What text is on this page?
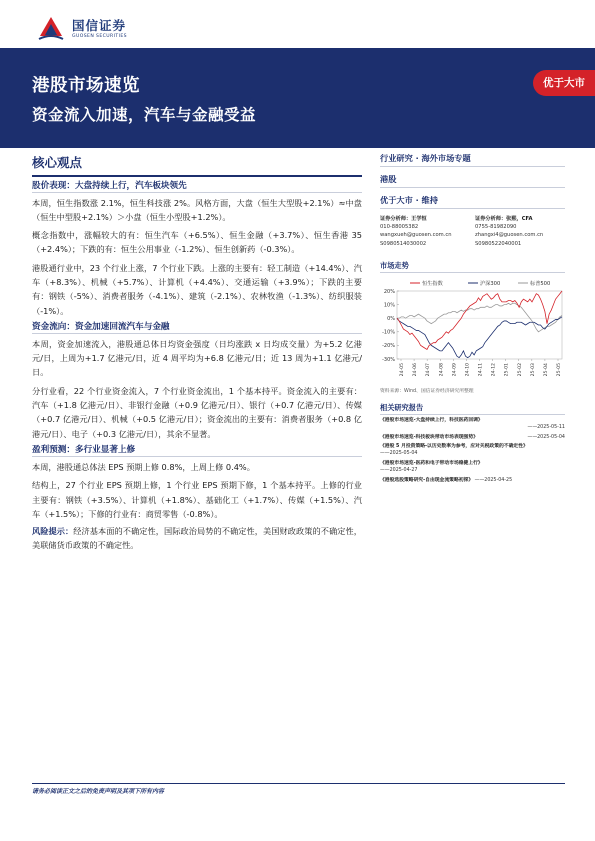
国信证券
GUOSEN SECURITIES
港股市场速览
资金流入加速，汽车与金融受益
优于大市
核心观点
股价表现：大盘持续上行，汽车板块领先

本周，恒生指数涨 2.1%，恒生科技涨 2%。风格方面，大盘（恒生大型股+2.1%）≈中盘（恒生中型股+2.1%）＞小盘（恒生小型股+1.2%）。

概念指数中，涨幅较大的有：恒生汽车（+6.5%）、恒生金融（+3.7%）、恒生香港 35（+2.4%）；下跌的有：恒生公用事业（-1.2%）、恒生创新药（-0.3%）。

港股通行业中，23 个行业上涨，7 个行业下跌。上涨的主要有：轻工制造（+14.4%）、汽车（+8.3%）、机械（+5.7%）、计算机（+4.4%）、交通运输（+3.9%）；下跌的主要有：钢铁（-5%）、消费者服务（-4.1%）、建筑（-2.1%）、农林牧渔（-1.3%）、纺织服装（-1%）。

资金流向：资金加速回流汽车与金融

本周，资金加速流入，港股通总体日均资金强度（日均涨跌 x 日均成交量）为+5.2 亿港元/日，上周为+1.7 亿港元/日，近 4 周平均为+6.8 亿港元/日；近 13 周为+1.1 亿港元/日。

分行业看，22 个行业资金流入，7 个行业资金流出，1 个基本持平。资金流入的主要有：汽车（+1.8 亿港元/日）、非银行金融（+0.9 亿港元/日）、银行（+0.7 亿港元/日）、传媒（+0.7 亿港元/日）、机械（+0.5 亿港元/日）；资金流出的主要有：消费者服务（+0.8 亿港元/日）、电子（+0.3 亿港元/日），其余不显著。

盈利预测：多行业显著上修

本周，港股通总体法 EPS 预期上修 0.8%，上周上修 0.4%。

结构上，27 个行业 EPS 预期上修，1 个行业 EPS 预期下修，1 个基本持平。上修的行业主要有：钢铁（+3.5%）、计算机（+1.8%）、基础化工（+1.7%）、传媒（+1.5%）、汽车（+1.5%）；下修的行业有：商贸零售（-0.8%）。

风险提示：经济基本面的不确定性，国际政治局势的不确定性，美国财政政策的不确定性，美联储货币政策的不确定性。

行业研究 · 海外市场专题
港股
优于大市 · 维持
证券分析师：王学恒
010-88005382
wangxueh@guosen.com.cn
S0980514030002
证券分析师：张熙，CFA
0755-81982090
zhangxi4@guosen.com.cn
S0980522040001
市场走势
20%
10%
0%
-10%
-20%
-30%
24-05 24-06 24-07 24-08 24-09 24-10 24-11 24-12 25-01 25-02 25-03 25-04 25-05
恒生指数	沪深300	标普500
资料来源：Wind、国信证券经济研究所整理
相关研究报告
《港股市场速览-大盘持续上行，科技医药回调》

——2025-05-11

《港股市场速览-科技板块带动市场表现强势》	——2025-05-04
《港股 5 月投资策略-以历史数率为参考，应对关税政策的不确定性》
——2025-05-04
《港股市场速览-医药和电子带动市场稳健上行》
——2025-04-27
《港股选股策略研究-自由现金流策略初探》 ——2025-04-25
请务必阅读正文之后的免责声明及其项下所有内容
